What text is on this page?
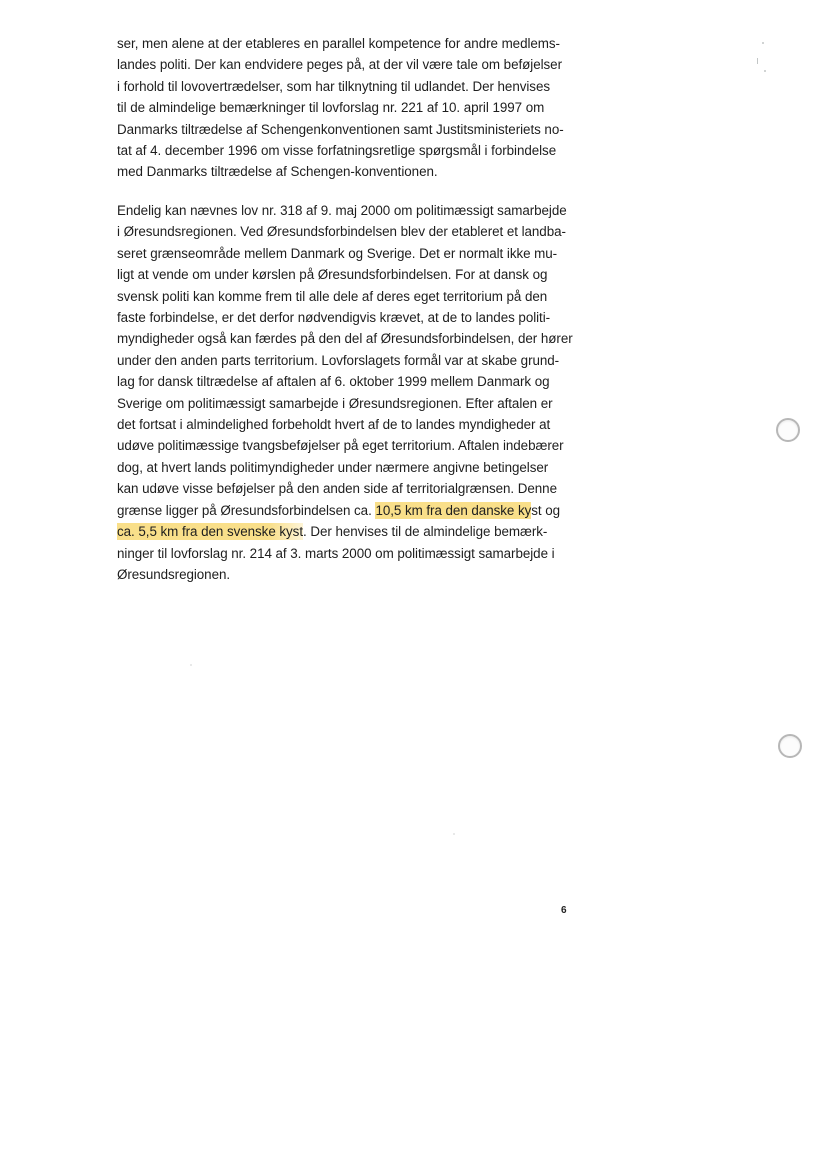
ser, men alene at der etableres en parallel kompetence for andre medlems-
landes politi. Der kan endvidere peges på, at der vil være tale om beføjelser
i forhold til lovovertrædelser, som har tilknytning til udlandet. Der henvises
til de almindelige bemærkninger til lovforslag nr. 221 af 10. april 1997 om
Danmarks tiltrædelse af Schengenkonventionen samt Justitsministeriets no-
tat af 4. december 1996 om visse forfatningsretlige spørgsmål i forbindelse
med Danmarks tiltrædelse af Schengen-konventionen.
Endelig kan nævnes lov nr. 318 af 9. maj 2000 om politimæssigt samarbejde
i Øresundsregionen. Ved Øresundsforbindelsen blev der etableret et landba-
seret grænseområde mellem Danmark og Sverige. Det er normalt ikke mu-
ligt at vende om under kørslen på Øresundsforbindelsen. For at dansk og
svensk politi kan komme frem til alle dele af deres eget territorium på den
faste forbindelse, er det derfor nødvendigvis krævet, at de to landes politi-
myndigheder også kan færdes på den del af Øresundsforbindelsen, der hører
under den anden parts territorium. Lovforslagets formål var at skabe grund-
lag for dansk tiltrædelse af aftalen af 6. oktober 1999 mellem Danmark og
Sverige om politimæssigt samarbejde i Øresundsregionen. Efter aftalen er
det fortsat i almindelighed forbeholdt hvert af de to landes myndigheder at
udøve politimæssige tvangsbeføjelser på eget territorium. Aftalen indebærer
dog, at hvert lands politimyndigheder under nærmere angivne betingelser
kan udøve visse beføjelser på den anden side af territorialgrænsen. Denne
grænse ligger på Øresundsforbindelsen ca. 10,5 km fra den danske kyst og
ca. 5,5 km fra den svenske kyst. Der henvises til de almindelige bemærk-
ninger til lovforslag nr. 214 af 3. marts 2000 om politimæssigt samarbejde i
Øresundsregionen.
6
